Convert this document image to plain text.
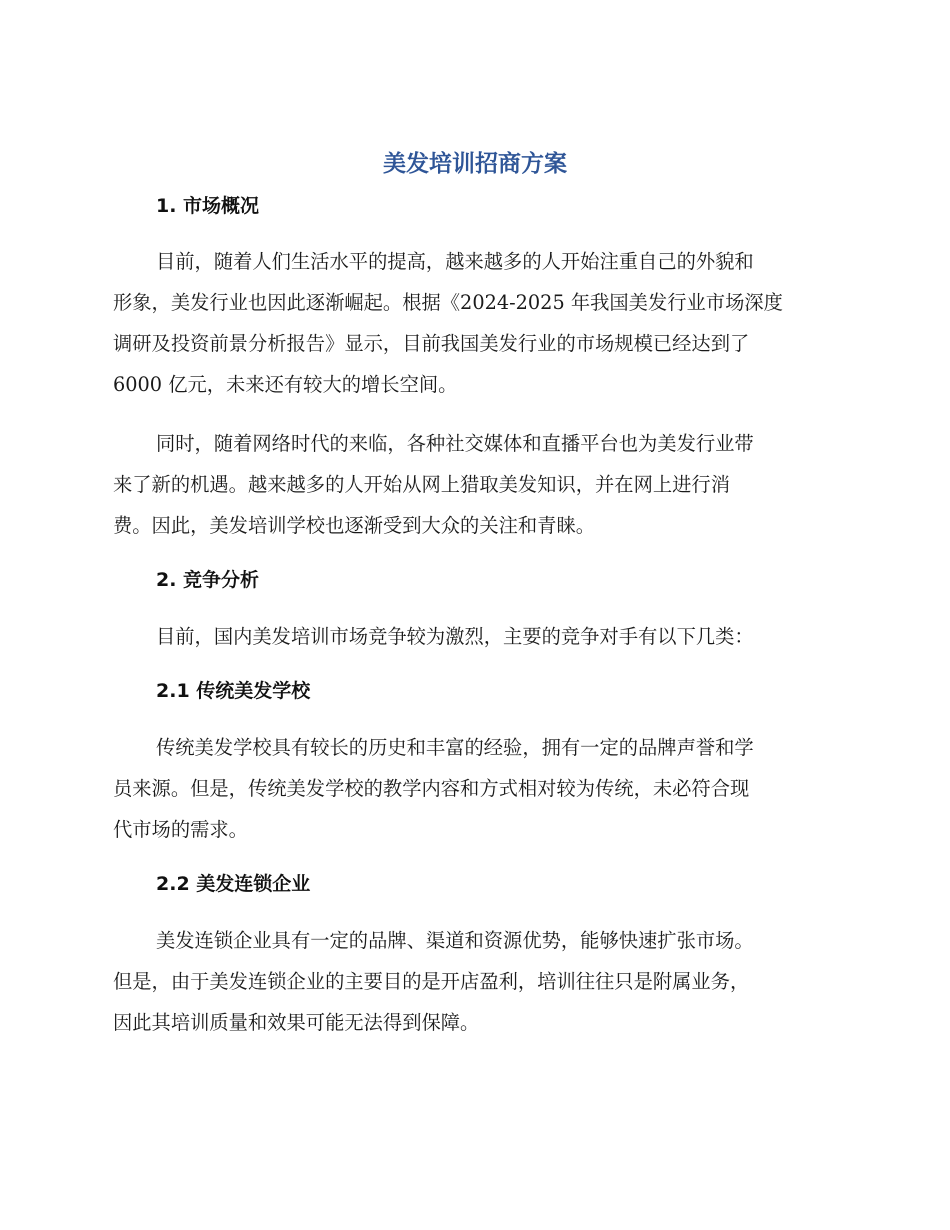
美发培训招商方案
1. 市场概况
目前，随着人们生活水平的提高，越来越多的人开始注重自己的外貌和
形象，美发行业也因此逐渐崛起。根据《2024-2025 年我国美发行业市场深度
调研及投资前景分析报告》显示，目前我国美发行业的市场规模已经达到了
6000 亿元，未来还有较大的增长空间。
同时，随着网络时代的来临，各种社交媒体和直播平台也为美发行业带
来了新的机遇。越来越多的人开始从网上猎取美发知识，并在网上进行消
费。因此，美发培训学校也逐渐受到大众的关注和青睐。
2. 竞争分析
目前，国内美发培训市场竞争较为激烈，主要的竞争对手有以下几类：
2.1 传统美发学校
传统美发学校具有较长的历史和丰富的经验，拥有一定的品牌声誉和学
员来源。但是，传统美发学校的教学内容和方式相对较为传统，未必符合现
代市场的需求。
2.2 美发连锁企业
美发连锁企业具有一定的品牌、渠道和资源优势，能够快速扩张市场。
但是，由于美发连锁企业的主要目的是开店盈利，培训往往只是附属业务，
因此其培训质量和效果可能无法得到保障。
